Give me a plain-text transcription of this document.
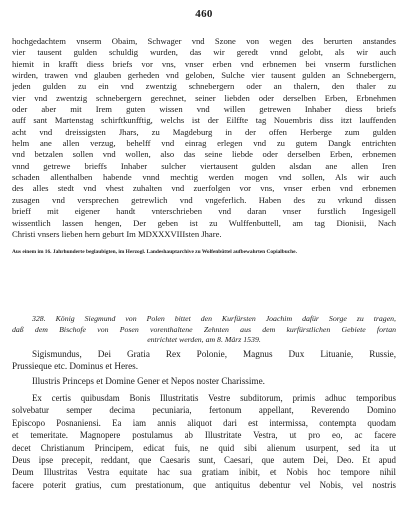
460
hochgedachtem vnserm Obaim, Schwager vnd Szone von wegen des berurten anstandes
vier tausent gulden schuldig wurden, das wir geredt vnnd gelobt, als wir auch
hiemit in krafft diess briefs vor vns, vnser erben vnd erbnemen bei vnserm furstlichen
wirden, trawen vnd glauben gerheden vnd geloben, Sulche vier tausent gulden an Schnebergern,
jeden gulden zu ein vnd zwentzig schnebergern oder an thalern, den thaler zu
vier vnd zwentzig schnebergern gerechnet, seiner liebden oder derselben Erben, Erbnehmen
oder aber mit Irem guten wissen vnd willen getrewen Inhaber diess briefs
auff sant Martenstag schirftkunfftig, welchs ist der Eilffte tag Nouembris diss itzt lauffenden
acht vnd dreissigsten Jhars, zu Magdeburg in der offen Herberge zum gulden
helm ane allen verzug, behelff vnd einrag erlegen vnd zu gutem Dangk entrichten
vnd betzalen sollen vnd wollen, also das seine liebde oder derselben Erben, erbnemen
vnnd getrewe brieffs Inhaber sulcher viertausent gulden alsdan ane allen Iren
schaden allenthalben habende vnnd mechtig werden mogen vnd sollen, Als wir auch
des alles stedt vnd vhest zuhalten vnd zuerfolgen vor vns, vnser erben vnd erbnemen
zusagen vnd versprechen getrewlich vnd vngeferlich. Haben des zu vrkund dissen
brieff mit eigener handt vnterschrieben vnd daran vnser furstlich Ingesigell
wissentlich lassen hengen, Der geben ist zu Wulffenbuttell, am tag Dionisii, Nach
Christi vnsers lieben hern geburt Im MDXXXVIIIsten Jhare.
Aus einem im 16. Jahrhunderte beglaubigten, im Herzogl. Landeshauptarchive zu Wolfenbüttel aufbewahrten Copialbuche.
328. König Siegmund von Polen bittet den Kurfürsten Joachim dafür Sorge zu tragen,
daß dem Bischofe von Posen vorenthaltene Zehnten aus dem kurfürstlichen Gebiete fortan
entrichtet werden, am 8. März 1539.
Sigismundus, Dei Gratia Rex Polonie, Magnus Dux Lituanie, Russie,
Prussieque etc. Dominus et Heres.
Illustris Princeps et Domine Gener et Nepos noster Charissime.
Ex certis quibusdam Bonis Illustritatis Vestre subditorum, primis adhuc temporibus
solvebatur semper decima pecuniaria, fertonum appellant, Reverendo Domino
Episcopo Posnaniensi. Ea iam annis aliquot dari est intermissa, contempta quodam
et temeritate. Magnopere postulamus ab Illustritate Vestra, ut pro eo, ac facere
decet Christianum Principem, edicat fuis, ne quid sibi alienum usurpent, sed ita ut
Deus ipse precepit, reddant, que Caesaris sunt, Caesari, que autem Dei, Deo. Et apud
Deum Illustritas Vestra equitate hac sua gratiam inibit, et Nobis hoc tempore nihil
facere poterit gratius, cum prestationum, que antiquitus debentur vel Nobis, vel nostris
